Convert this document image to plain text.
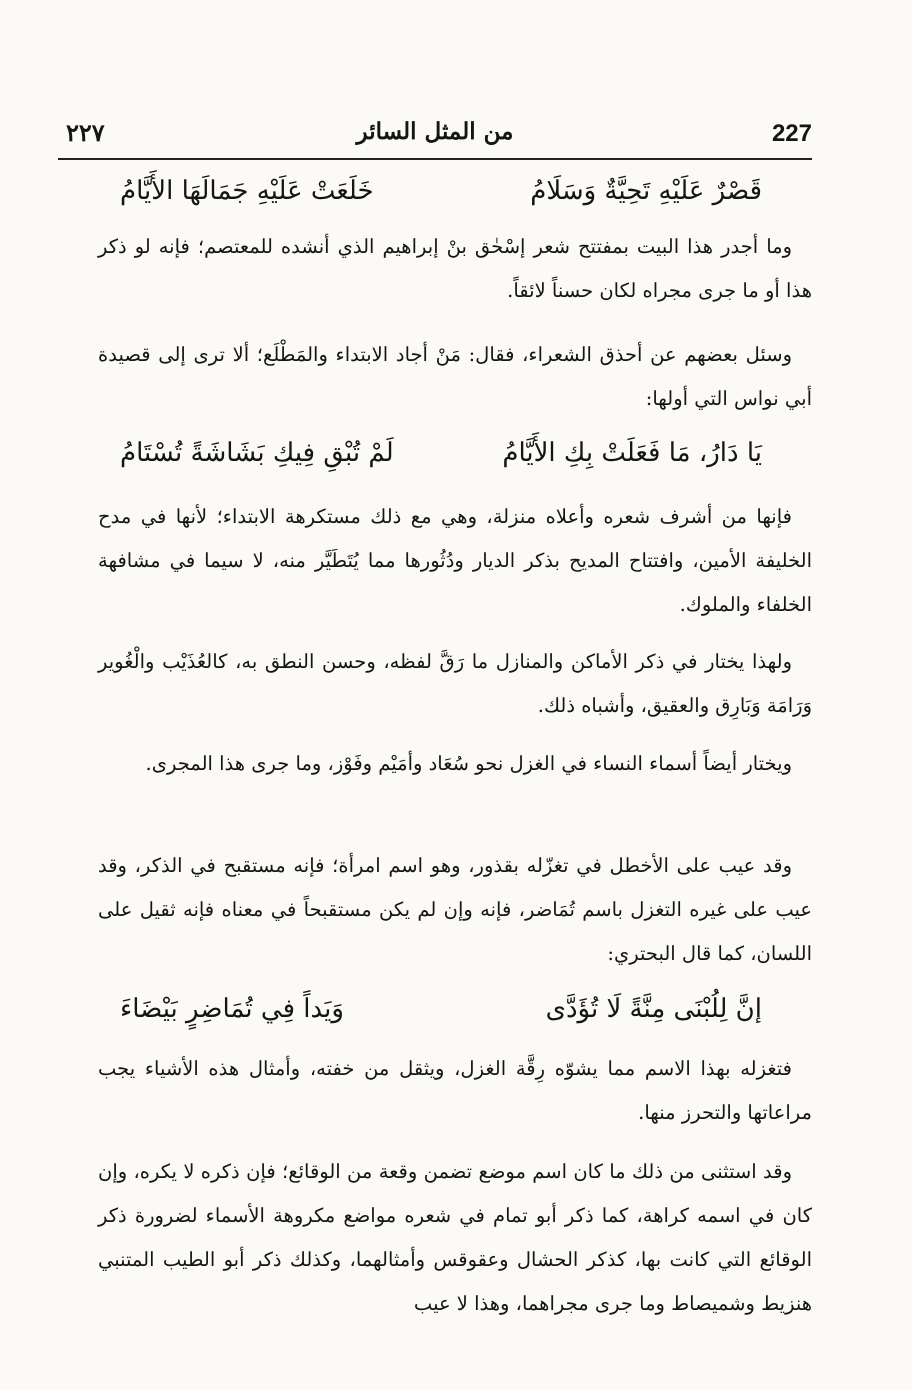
227
من المثل السائر
٢٢٧
قَصْرٌ عَلَيْهِ تَحِيَّةٌ وَسَلَامُ
خَلَعَتْ عَلَيْهِ جَمَالَهَا الأَيَّامُ

وما أجدر هذا البيت بمفتتح شعر إسْحٰق بنْ إبراهيم الذي أنشده للمعتصم؛ فإنه لو ذكر هذا أو ما جرى مجراه لكان حسناً لائقاً.

وسئل بعضهم عن أحذق الشعراء، فقال: مَنْ أجاد الابتداء والمَطْلَع؛ ألا ترى إلى قصيدة أبي نواس التي أولها:

فإنها من أشرف شعره وأعلاه منزلة، وهي مع ذلك مستكرهة الابتداء؛ لأنها في مدح الخليفة الأمين، وافتتاح المديح بذكر الديار ودُثُورها مما يُتَطَيَّر منه، لا سيما في مشافهة الخلفاء والملوك.

ولهذا يختار في ذكر الأماكن والمنازل ما رَقَّ لفظه، وحسن النطق به، كالعُذَيْب والْغُوير وَرَامَة وَبَارِق والعقيق، وأشباه ذلك.

ويختار أيضاً أسماء النساء في الغزل نحو سُعَاد وأمَيْم وفَوْز، وما جرى هذا المجرى.

وقد عيب على الأخطل في تغزّله بقذور، وهو اسم امرأة؛ فإنه مستقبح في الذكر، وقد عيب على غيره التغزل باسم تُمَاضر، فإنه وإن لم يكن مستقبحاً في معناه فإنه ثقيل على اللسان، كما قال البحتري:

فتغزله بهذا الاسم مما يشوّه رِقَّة الغزل، ويثقل من خفته، وأمثال هذه الأشياء يجب مراعاتها والتحرز منها.

وقد استثنى من ذلك ما كان اسم موضع تضمن وقعة من الوقائع؛ فإن ذكره لا يكره، وإن كان في اسمه كراهة، كما ذكر أبو تمام في شعره مواضع مكروهة الأسماء لضرورة ذكر الوقائع التي كانت بها، كذكر الحشال وعقوقس وأمثالهما، وكذلك ذكر أبو الطيب المتنبي هنزيط وشميصاط وما جرى مجراهما، وهذا لا عيب

يَا دَارُ، مَا فَعَلَتْ بِكِ الأَيَّامُ
لَمْ تُبْقِ فِيكِ بَشَاشَةً تُسْتَامُ
إنَّ لِلُبْنَى مِنَّةً لَا تُؤَدَّى
وَيَداً فِي تُمَاضِرٍ بَيْضَاءَ
